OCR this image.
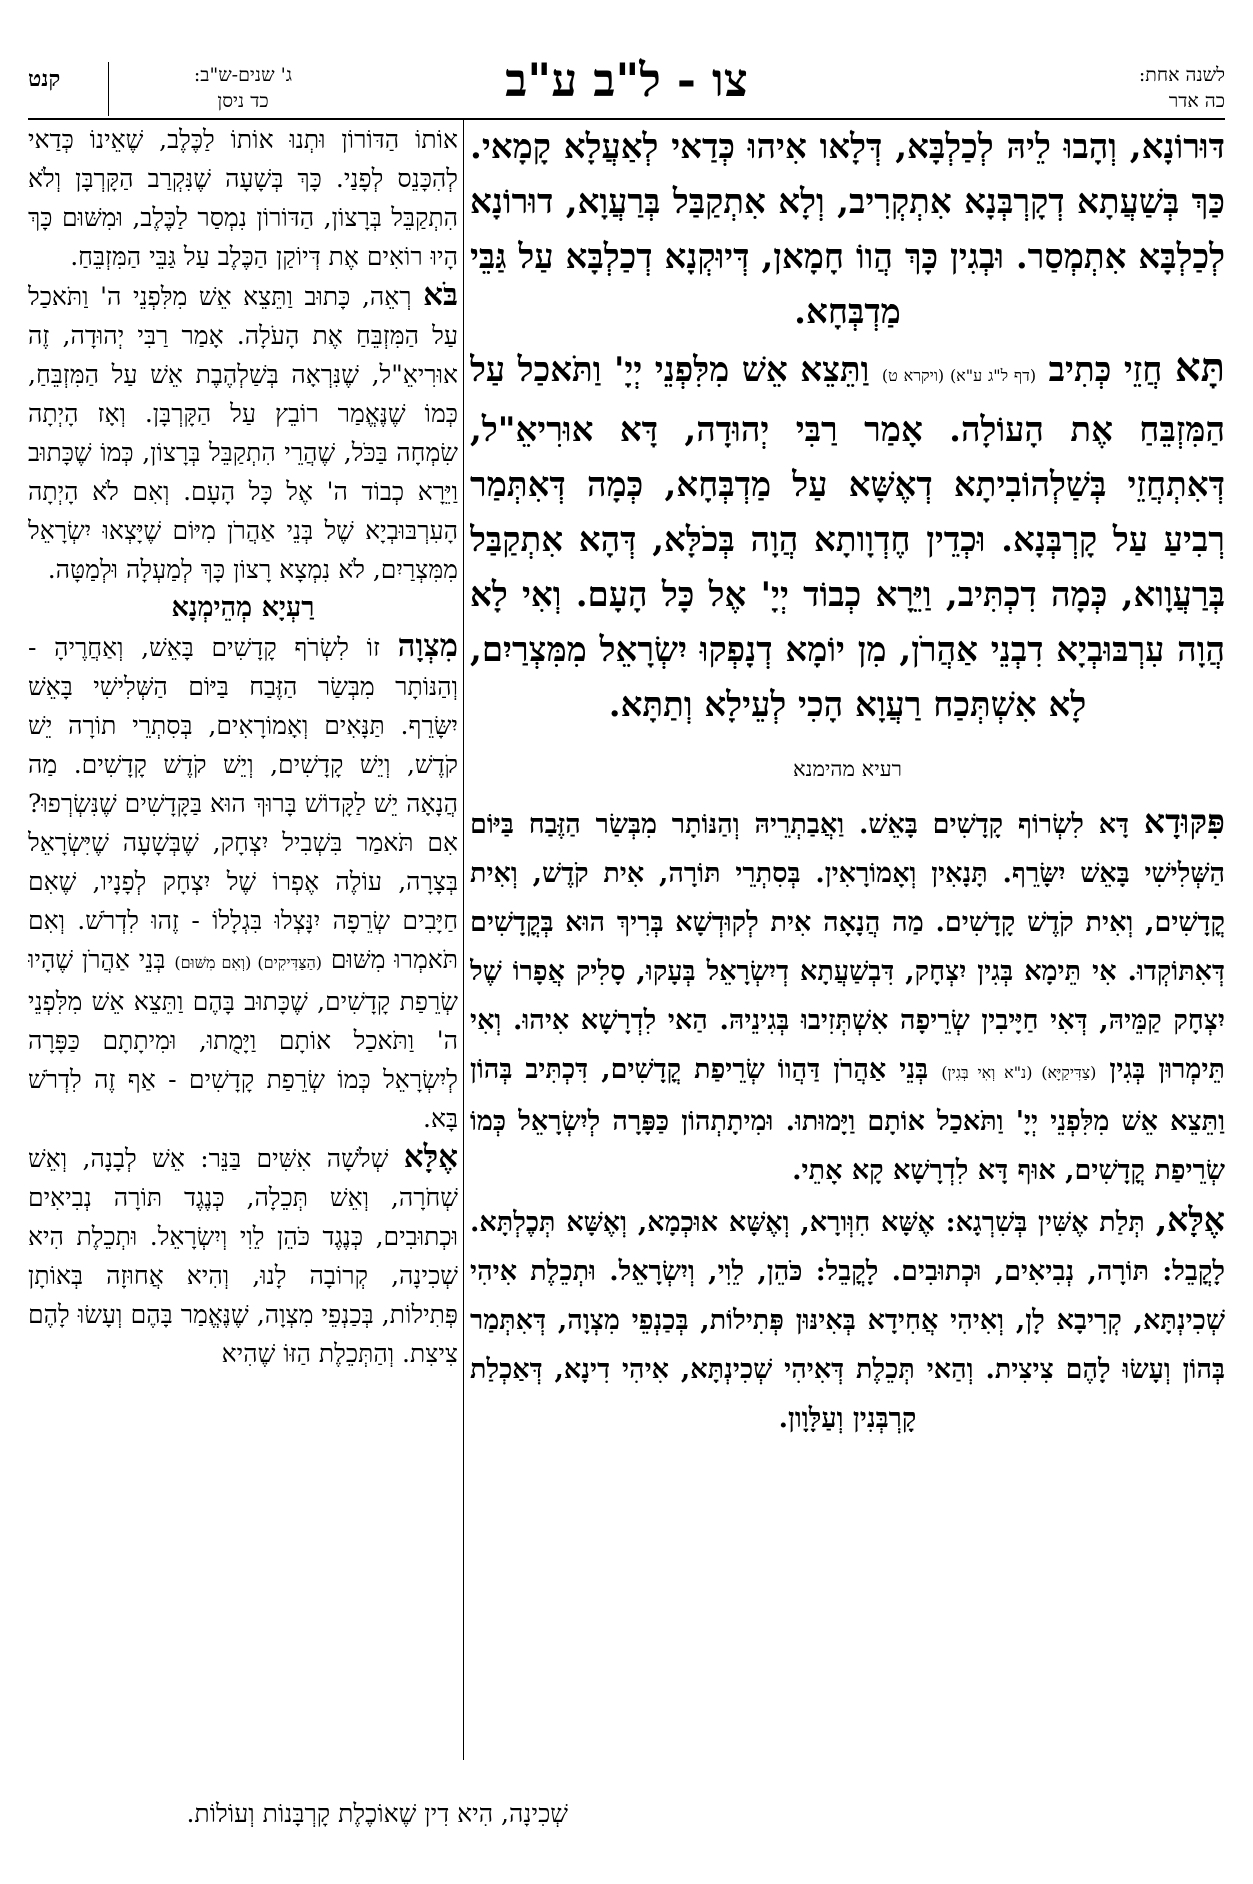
לשנה אחת:
כה אדר
צו - ל"ב ע"ב
ג' שנים-ש"ב:
כד ניסן
קנט

דּוּרוֹנָא, וְהָבוּ לֵיהּ לְכַלְבָּא, דְּלָאו אִיהוּ כְּדַאי לְאַעֲלָא קָמָאי. כַּךְ בְּשַׁעֲתָא דְקָרְבְּנָא אִתְקְרִיב, וְלָא אִתְקַבַּל בְּרַעֲוָא, דוּרוֹנָא לְכַלְבָּא אִתְמְסַר. וּבְגִין כָּךְ הֲווֹ חָמָאן, דְּיוּקְנָא דְכַלְבָּא עַל גַּבֵּי מַדְבְּחָא.

תָּא חֲזֵי כְּתִיב (דף ל"ג ע"א) (ויקרא ט) וַתֵּצֵא אֵשׁ מִלִּפְנֵי יְיָ' וַתֹּאכַל עַל הַמִּזְבֵּחַ אֶת הָעוֹלָה. אָמַר רַבִּי יְהוּדָה, דָּא אוּרִיאֵ"ל, דְּאִתְחֲזֵי בְּשַׁלְהוֹבִיתָא דְאֶשָּׁא עַל מַדְבְּחָא, כְּמָה דְּאִתְּמַר רְבִיעַ עַל קָרְבְּנָא. וּכְדֵין חֶדְוָותָא הֲוָה בְּכֹלָּא, דְּהָא אִתְקַבַּל בְּרַעֲוָוא, כְּמָה דִכְתִּיב, וַיֵּרָא כְבוֹד יְיָ' אֶל כָּל הָעָם. וְאִי לָא הֲוָה עִרְבּוּבְיָא דִבְנֵי אַהֲרֹן, מִן יוֹמָא דְנָפְקוּ יִשְׂרָאֵל מִמִּצְרַיִם, לָא אִשְׁתְּכַח רַעֲוָא הָכִי לְעֵילָא וְתַתָּא.

רעיא מהימנא

פִּקּוּדָא דָּא לִשְׂרוֹף קָדָשִׁים בָּאֵשׁ. וַאֲבַתְרֵיהּ וְהַנּוֹתָר מִבְּשַׂר הַזֶּבַח בַּיּוֹם הַשְּׁלִישִׁי בָּאֵשׁ יִשָּׂרֵף. תָּנָאִין וְאָמוֹרָאִין. בְּסִתְרֵי תּוֹרָה, אִית קֹדֶשׁ, וְאִית קֳדָשִׁים, וְאִית קֹדֶשׁ קָדָשִׁים. מַה הֲנָאָה אִית לְקוּדְשָׁא בְּרִיךְ הוּא בְּקֳדָשִׁים דְּאִתּוֹקְדוּ. אִי תֵּימָא בְּגִין יִצְחָק, דִּבְשַׁעֲתָא דְיִשְׂרָאֵל בְּעָקוּ, סָלִיק אֲפָרוֹ שֶׁל יִצְחָק קַמֵּיהּ, דְּאִי חַיָּיבִין שְׂרֵיפָה אִשְׁתְּזִיבוּ בְּגִינֵיהּ. הַאי לִדְרָשָׁא אִיהוּ. וְאִי תֵּימְרוּן בְּגִין (צַדִּיקַיָּא) (נ"א וְאִי בְּגִין) בְּנֵי אַהֲרֹן דַּהֲווֹ שְׂרֵיפַת קֳדָשִׁים, דִּכְתִּיב בְּהוֹן וַתֵּצֵא אֵשׁ מִלִּפְנֵי יְיָ' וַתֹּאכַל אוֹתָם וַיָּמוּתוּ. וּמִיתָתְהוֹן כַּפָּרָה לְיִשְׂרָאֵל כְּמוֹ שְׂרֵיפַת קֳדָשִׁים, אוּף דָּא לִדְרָשָׁא קָא אָתֵי.

אֶלָּא, תְּלַת אֶשִּׁין בְּשִׁרְגָא: אֶשָּׁא חִוְּורָא, וְאֶשָּׁא אוּכְמָא, וְאֶשָּׁא תְּכֶלְתָּא. לָקֳבֵל: תּוֹרָה, נְבִיאִים, וּכְתוּבִים. לָקֳבֵל: כֹּהֵן, לֵוִי, וְיִשְׂרָאֵל. וּתְכֵלֶת אִיהִי שְׁכִינְתָּא, קְרִיבָא לָן, וְאִיהִי אֲחִידָא בְּאִינּוּן פְּתִילוֹת, בְּכַנְפֵי מִצְוָה, דְּאִתְּמַר בְּהוֹן וְעָשׂוּ לָהֶם צִיצִית. וְהַאי תְּכֵלֶת דְּאִיהִי שְׁכִינְתָּא, אִיהִי דִינָא, דְּאַכְלַת קָרְבְּנִין וְעַלָּוָון.

אוֹתוֹ הַדּוֹרוֹן וּתְנוּ אוֹתוֹ לַכֶּלֶב, שֶׁאֵינוֹ כְּדַאי לְהִכָּנֵס לְפָנַי. כָּךְ בְּשָׁעָה שֶׁנִּקְרַב הַקָּרְבָּן וְלֹא הִתְקַבֵּל בְּרָצוֹן, הַדּוֹרוֹן נִמְסַר לַכֶּלֶב, וּמִשּׁוּם כָּךְ הָיוּ רוֹאִים אֶת דְּיוֹקַן הַכֶּלֶב עַל גַּבֵּי הַמִּזְבֵּחַ.

בֹּא רְאֵה, כָּתוּב וַתֵּצֵא אֵשׁ מִלִּפְנֵי ה' וַתֹּאכַל עַל הַמִּזְבֵּחַ אֶת הָעֹלָה. אָמַר רַבִּי יְהוּדָה, זֶה אוּרִיאֵ"ל, שֶׁנִּרְאָה בְּשַׁלְהֶבֶת אֵשׁ עַל הַמִּזְבֵּחַ, כְּמוֹ שֶׁנֶּאֱמַר רוֹבֵץ עַל הַקָּרְבָּן. וְאָז הָיְתָה שִׂמְחָה בַּכֹּל, שֶׁהֲרֵי הִתְקַבֵּל בְּרָצוֹן, כְּמוֹ שֶׁכָּתוּב וַיֵּרָא כְבוֹד ה' אֶל כָּל הָעָם. וְאִם לֹא הָיְתָה הָעִרְבּוּבְיָא שֶׁל בְּנֵי אַהֲרֹן מִיּוֹם שֶׁיָּצְאוּ יִשְׂרָאֵל מִמִּצְרַיִם, לֹא נִמְצָא רָצוֹן כָּךְ לְמַעְלָה וּלְמַטָּה.

רַעְיָא מְהֵימְנָא

מִצְוָה זוֹ לִשְׂרֹף קָדָשִׁים בָּאֵשׁ, וְאַחֲרֶיהָ - וְהַנּוֹתָר מִבְּשַׂר הַזֶּבַח בַּיּוֹם הַשְּׁלִישִׁי בָּאֵשׁ יִשָּׂרֵף. תַּנָּאִים וְאָמוֹרָאִים, בְּסִתְרֵי תוֹרָה יֵשׁ קֹדֶשׁ, וְיֵשׁ קָדָשִׁים, וְיֵשׁ קֹדֶשׁ קָדָשִׁים. מַה הֲנָאָה יֵשׁ לַקָּדוֹשׁ בָּרוּךְ הוּא בַּקָּדָשִׁים שֶׁנִּשְׂרְפוּ? אִם תֹּאמַר בִּשְׁבִיל יִצְחָק, שֶׁבְּשָׁעָה שֶׁיִּשְׂרָאֵל בְּצָרָה, עוֹלֶה אֶפְרוֹ שֶׁל יִצְחָק לְפָנָיו, שֶׁאִם חַיָּבִים שְׂרֵפָה יִנָּצְלוּ בִּגְלָלוֹ - זֶהוּ לִדְרֹשׁ. וְאִם תֹּאמְרוּ מִשּׁוּם (הַצַּדִּיקִים) (וְאִם מִשּׁוּם) בְּנֵי אַהֲרֹן שֶׁהָיוּ שְׂרֵפַת קָדָשִׁים, שֶׁכָּתוּב בָּהֶם וַתֵּצֵא אֵשׁ מִלִּפְנֵי ה' וַתֹּאכַל אוֹתָם וַיָּמֻתוּ, וּמִיתָתָם כַּפָּרָה לְיִשְׂרָאֵל כְּמוֹ שְׂרֵפַת קָדָשִׁים - אַף זֶה לִדְרֹשׁ בָּא.

אֶלָּא שְׁלֹשָׁה אִשִּׁים בַּנֵּר: אֵשׁ לְבָנָה, וְאֵשׁ שְׁחֹרָה, וְאֵשׁ תְּכֵלָה, כְּנֶגֶד תּוֹרָה נְבִיאִים וּכְתוּבִים, כְּנֶגֶד כֹּהֵן לֵוִי וְיִשְׂרָאֵל. וּתְכֵלֶת הִיא שְׁכִינָה, קְרוֹבָה לָנוּ, וְהִיא אֲחוּזָה בְּאוֹתָן פְּתִילוֹת, בְּכַנְפֵי מִצְוָה, שֶׁנֶּאֱמַר בָּהֶם וְעָשׂוּ לָהֶם צִיצִת. וְהַתְּכֵלֶת הַזּוֹ שֶׁהִיא

שְׁכִינָה, הִיא דִין שֶׁאוֹכֶלֶת קָרְבָּנוֹת וְעוֹלוֹת.
